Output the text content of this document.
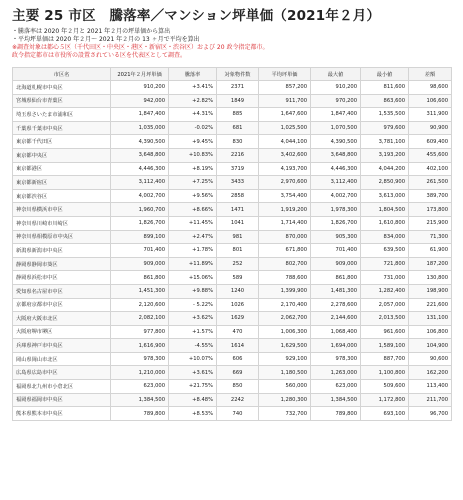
主要 25 市区　騰落率／マンション坪単価（2021年２月）
・騰落率は 2020 年２月と 2021 年２月の坪単価から算出
・平均坪単価は 2020 年２月〜 2021 年２月の 13 ヶ月で平均を算出
※調査対象は都心５区（千代田区・中央区・港区・新宿区・渋谷区）および 20 政令指定都市。
政令指定都市は市役所の設置されている区を代表区として調査。
市区名	2021年２月坪単価	騰落率	対象物件数	平均坪単価	最大値	最小値	差額
北海道札幌市中央区	910,200	+3.41%	2371	857,200	910,200	811,600	98,600
宮城県仙台市青葉区	942,000	+2.82%	1849	911,700	970,200	863,600	106,600
埼玉県さいたま市浦和区	1,847,400	+4.31%	885	1,647,600	1,847,400	1,535,500	311,900
千葉県千葉市中央区	1,035,000	-0.02%	681	1,025,500	1,070,500	979,600	90,900
東京都千代田区	4,390,500	+9.45%	830	4,044,100	4,390,500	3,781,100	609,400
東京都中央区	3,648,800	+10.83%	2216	3,402,600	3,648,800	3,193,200	455,600
東京都港区	4,446,300	+8.19%	3719	4,193,700	4,446,300	4,044,200	402,100
東京都新宿区	3,112,400	+7.25%	3433	2,970,600	3,112,400	2,850,900	261,500
東京都渋谷区	4,002,700	+9.56%	2858	3,754,400	4,002,700	3,613,000	389,700
神奈川県横浜市中区	1,960,700	+8.66%	1471	1,919,200	1,978,300	1,804,500	173,800
神奈川県川崎市川崎区	1,826,700	+11.45%	1041	1,714,400	1,826,700	1,610,800	215,900
神奈川県相模原市中央区	899,100	+2.47%	981	870,000	905,300	834,000	71,300
新潟県新潟市中央区	701,400	+1.78%	801	671,800	701,400	639,500	61,900
静岡県静岡市葵区	909,000	+11.89%	252	802,700	909,000	721,800	187,200
静岡県浜松市中区	861,800	+15.06%	589	788,600	861,800	731,000	130,800
愛知県名古屋市中区	1,451,300	+9.88%	1240	1,399,900	1,481,300	1,282,400	198,900
京都府京都市中京区	2,120,600	- 5.22%	1026	2,170,400	2,278,600	2,057,000	221,600
大阪府大阪市北区	2,082,100	+3.62%	1629	2,062,700	2,144,600	2,013,500	131,100
大阪府堺市堺区	977,800	+1.57%	470	1,006,300	1,068,400	961,600	106,800
兵庫県神戸市中央区	1,616,900	-4.55%	1614	1,629,500	1,694,000	1,589,100	104,900
岡山県岡山市北区	978,300	+10.07%	606	929,100	978,300	887,700	90,600
広島県広島市中区	1,210,000	+3.61%	669	1,180,500	1,263,000	1,100,800	162,200
福岡県北九州市小倉北区	623,000	+21.75%	850	560,000	623,000	509,600	113,400
福岡県福岡市中央区	1,384,500	+8.48%	2242	1,280,300	1,384,500	1,172,800	211,700
熊本県熊本市中央区	789,800	+8.53%	740	732,700	789,800	693,100	96,700
